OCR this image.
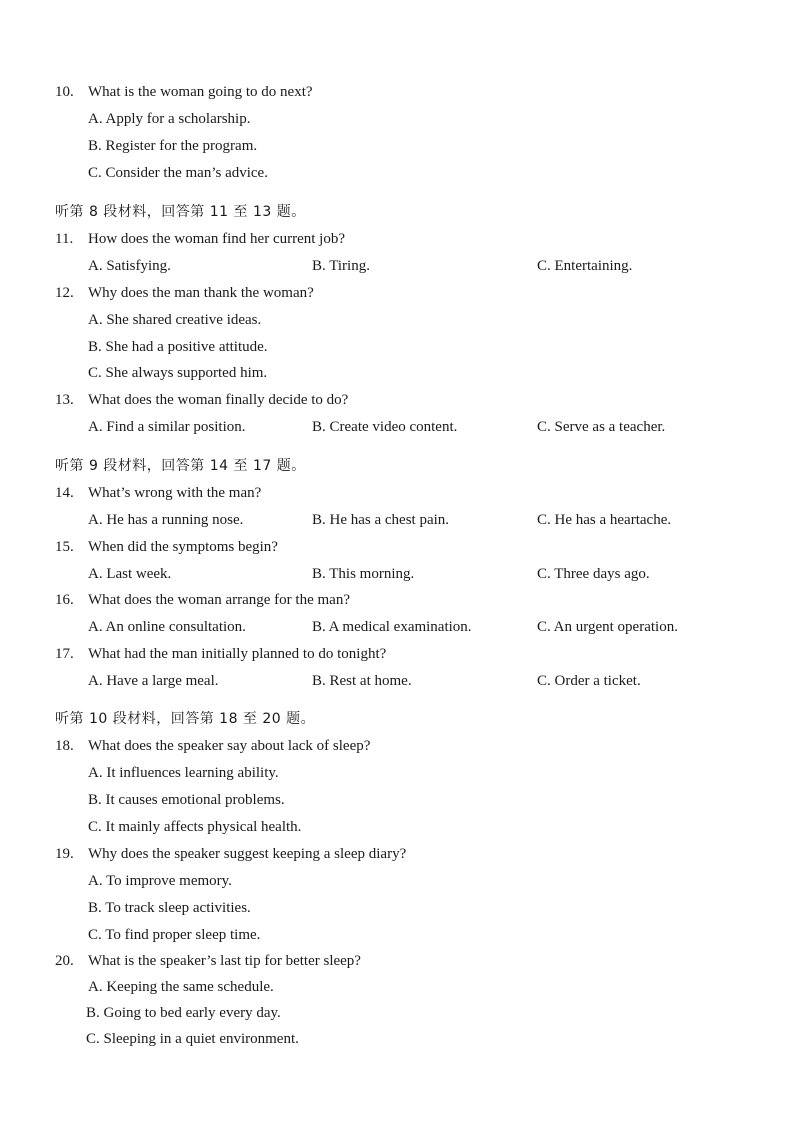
10. What is the woman going to do next?
A. Apply for a scholarship.
B. Register for the program.
C. Consider the man’s advice.
听第 8 段材料，回答第 11 至 13 题。
11. How does the woman find her current job?
A. Satisfying.	B. Tiring.	C. Entertaining.
12. Why does the man thank the woman?
A. She shared creative ideas.
B. She had a positive attitude.
C. She always supported him.
13. What does the woman finally decide to do?
A. Find a similar position.	B. Create video content.	C. Serve as a teacher.
听第 9 段材料，回答第 14 至 17 题。
14. What’s wrong with the man?
A. He has a running nose.	B. He has a chest pain.	C. He has a heartache.
15. When did the symptoms begin?
A. Last week.	B. This morning.	C. Three days ago.
16. What does the woman arrange for the man?
A. An online consultation.	B. A medical examination.	C. An urgent operation.
17. What had the man initially planned to do tonight?
A. Have a large meal.	B. Rest at home.	C. Order a ticket.
听第 10 段材料，回答第 18 至 20 题。
18. What does the speaker say about lack of sleep?
A. It influences learning ability.
B. It causes emotional problems.
C. It mainly affects physical health.
19. Why does the speaker suggest keeping a sleep diary?
A. To improve memory.
B. To track sleep activities.
C. To find proper sleep time.
20. What is the speaker’s last tip for better sleep?
A. Keeping the same schedule.
B. Going to bed early every day.
C. Sleeping in a quiet environment.
